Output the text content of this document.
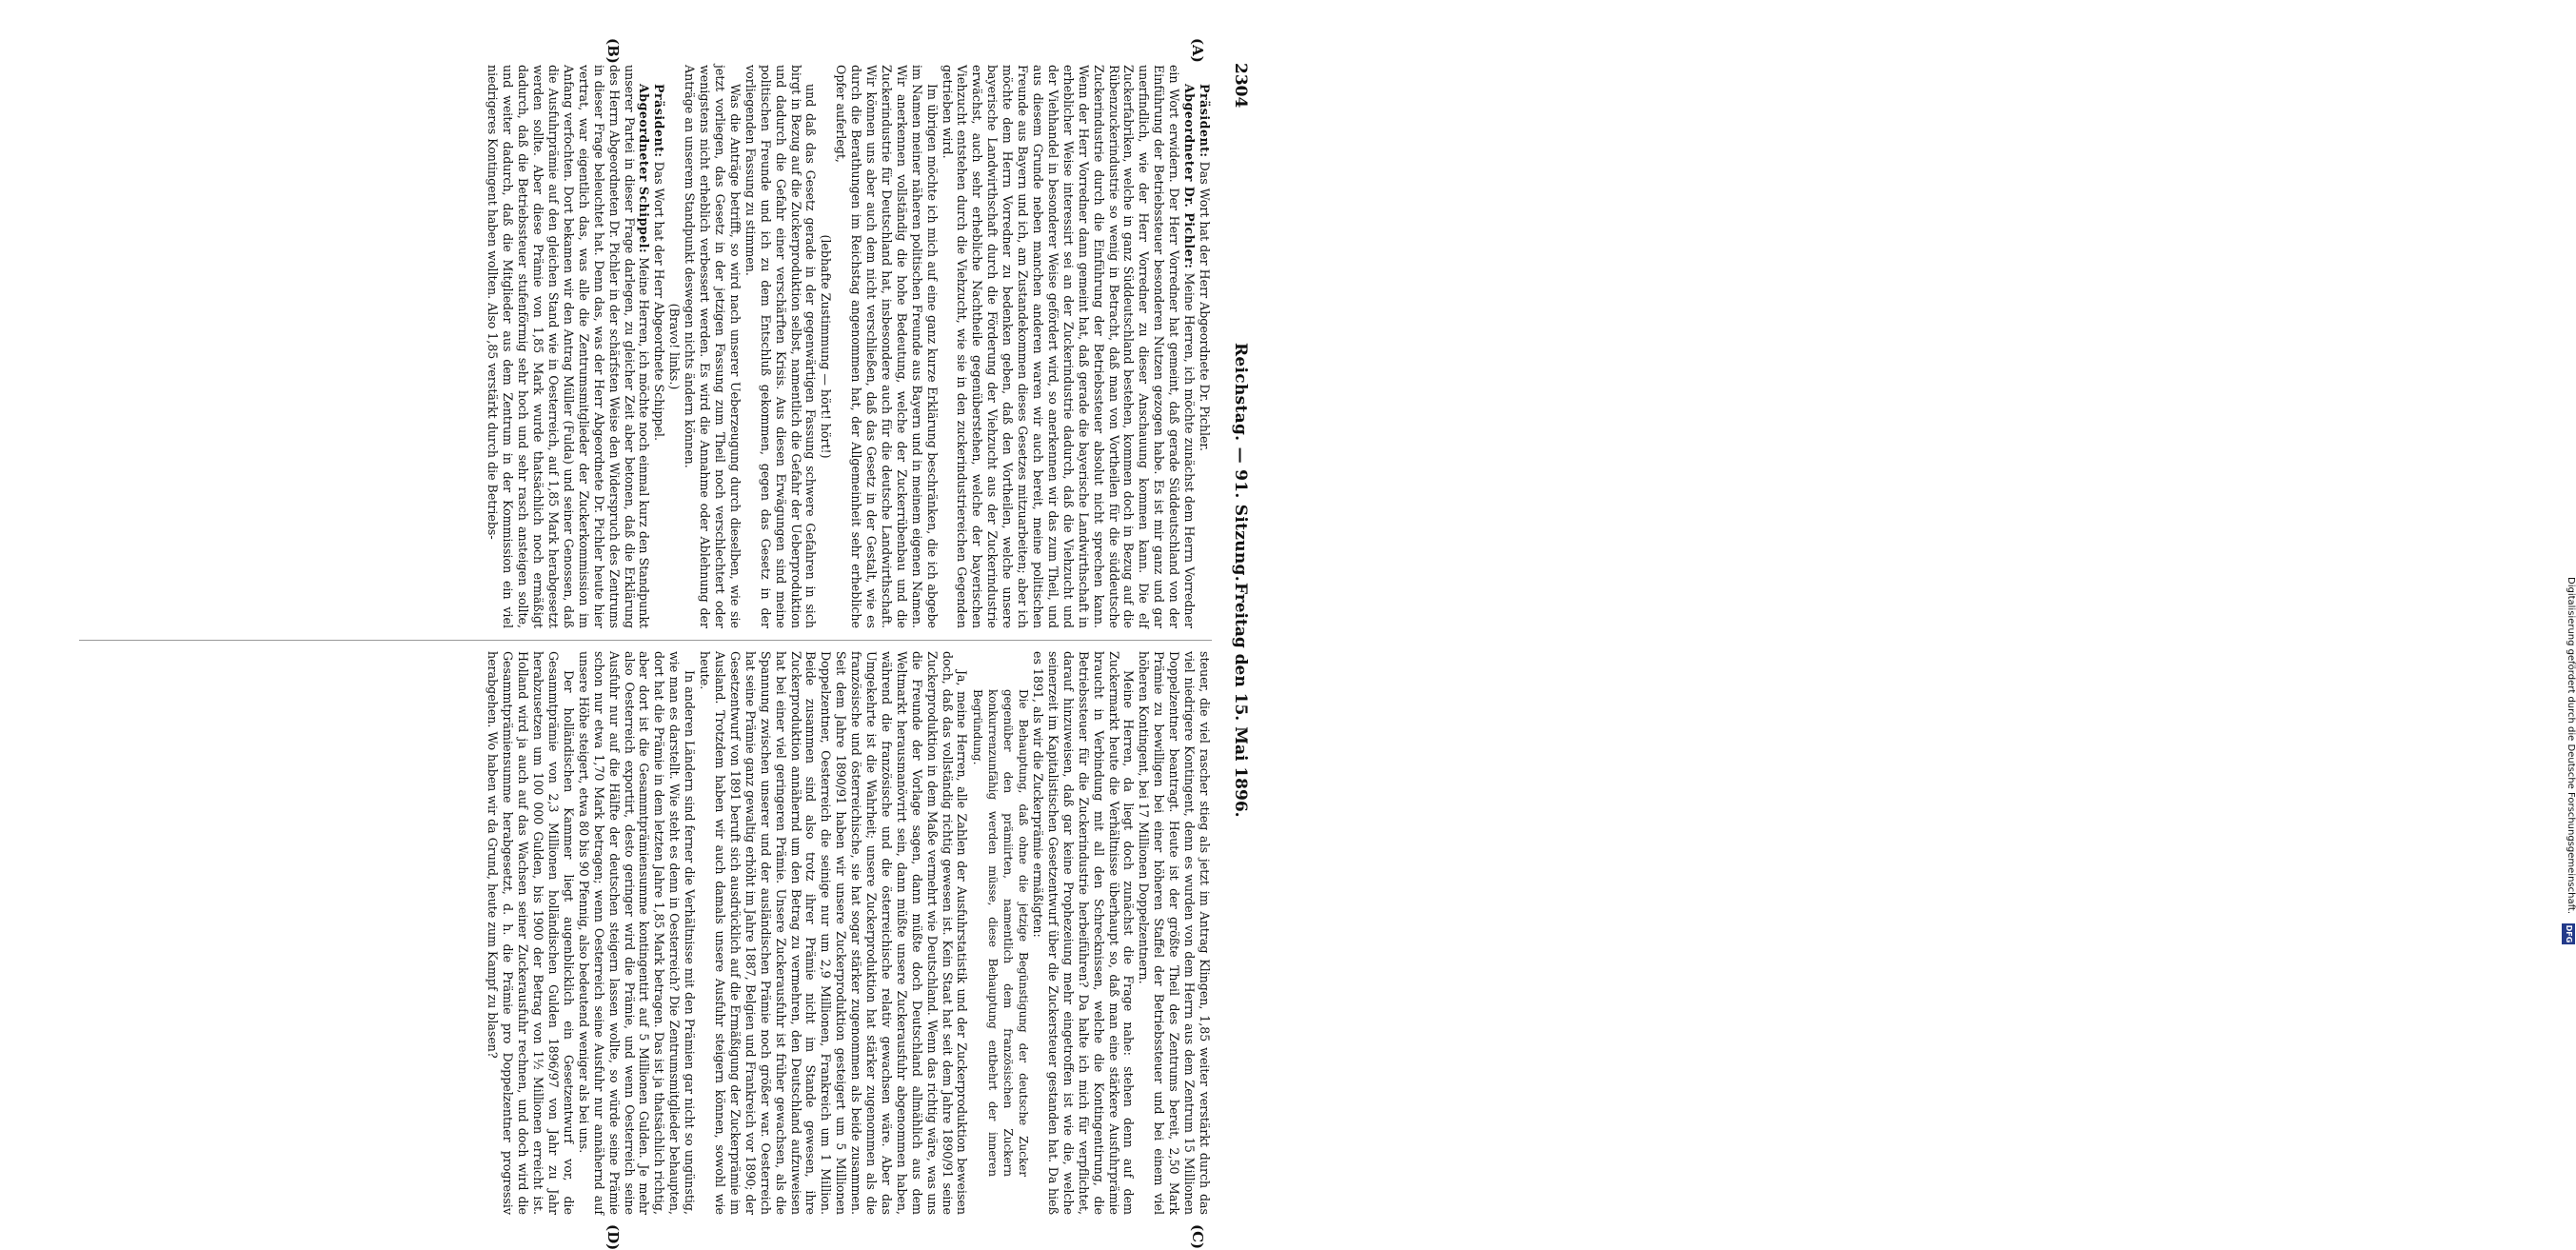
2304
Reichstag. — 91. Sitzung.
Freitag den 15. Mai 1896.

Präsident: Das Wort hat der Herr Abgeordnete Dr. Pichler.

Abgeordneter Dr. Pichler: Meine Herren, ich möchte zunächst dem Herrn Vorredner ein Wort erwidern. Der Herr Vorredner hat gemeint, daß gerade Süddeutschland von der Einführung der Betriebssteuer besonderen Nutzen gezogen habe. Es ist mir ganz und gar unerfindlich, wie der Herr Vorredner zu dieser Anschauung kommen kann. Die elf Zuckerfabriken, welche in ganz Süddeutschland bestehen, kommen doch in Bezug auf die Rübenzuckerindustrie so wenig in Betracht, daß man von Vortheilen für die süddeutsche Zuckerindustrie durch die Einführung der Betriebssteuer absolut nicht sprechen kann. Wenn der Herr Vorredner dann gemeint hat, daß gerade die bayerische Landwirthschaft in erheblicher Weise interessirt sei an der Zuckerindustrie dadurch, daß die Viehzucht und der Viehhandel in besonderer Weise gefördert wird, so anerkennen wir das zum Theil, und aus diesem Grunde neben manchen anderen waren wir auch bereit, meine politischen Freunde aus Bayern und ich, am Zustandekommen dieses Gesetzes mitzuarbeiten; aber ich möchte dem Herrn Vorredner zu bedenken geben, daß den Vortheilen, welche unsere bayerische Landwirthschaft durch die Förderung der Viehzucht aus der Zuckerindustrie erwächst, auch sehr erhebliche Nachtheile gegenüberstehen, welche der bayerischen Viehzucht entstehen durch die Viehzucht, wie sie in den zuckerindustriereichen Gegenden getrieben wird.

Im übrigen möchte ich mich auf eine ganz kurze Erklärung beschränken, die ich abgebe im Namen meiner näheren politischen Freunde aus Bayern und in meinem eigenen Namen. Wir anerkennen vollständig die hohe Bedeutung, welche der Zuckerrübenbau und die Zuckerindustrie für Deutschland hat, insbesondere auch für die deutsche Landwirthschaft. Wir können uns aber auch dem nicht verschließen, daß das Gesetz in der Gestalt, wie es durch die Berathungen im Reichstag angenommen hat, der Allgemeinheit sehr erhebliche Opfer auferlegt,

(lebhafte Zustimmung — hört! hört!)

und daß das Gesetz gerade in der gegenwärtigen Fassung schwere Gefahren in sich birgt in Bezug auf die Zuckerproduktion selbst, namentlich die Gefahr der Ueberproduktion und dadurch die Gefahr einer verschärften Krisis. Aus diesen Erwägungen sind meine politischen Freunde und ich zu dem Entschluß gekommen, gegen das Gesetz in der vorliegenden Fassung zu stimmen.

Was die Anträge betrifft, so wird nach unserer Ueberzeugung durch dieselben, wie sie jetzt vorliegen, das Gesetz in der jetzigen Fassung zum Theil noch verschlechtert oder wenigstens nicht erheblich verbessert werden. Es wird die Annahme oder Ablehnung der Anträge an unserem Standpunkt deswegen nichts ändern können.

(Bravo! links.)

Präsident: Das Wort hat der Herr Abgeordnete Schippel.

Abgeordneter Schippel: Meine Herren, ich möchte noch einmal kurz den Standpunkt unserer Partei in dieser Frage darlegen, zu gleicher Zeit aber betonen, daß die Erklärung des Herrn Abgeordneten Dr. Pichler in der schärfsten Weise den Widerspruch des Zentrums in dieser Frage beleuchtet hat. Denn das, was der Herr Abgeordnete Dr. Pichler heute hier vertrat, war eigentlich das, was alle die Zentrumsmitglieder der Zuckerkommission im Anfang verfochten. Dort bekamen wir den Antrag Müller (Fulda) und seiner Genossen, daß die Ausfuhrprämie auf den gleichen Stand wie in Oesterreich, auf 1,85 Mark herabgesetzt werden sollte. Aber diese Prämie von 1,85 Mark wurde thatsächlich noch ermäßigt dadurch, daß die Betriebssteuer stufenförmig sehr hoch und sehr rasch ansteigen sollte, und weiter dadurch, daß die Mitglieder aus dem Zentrum in der Kommission ein viel niedrigeres Kontingent haben wollten. Also 1,85 verstärkt durch die Betriebs-

steuer, die viel rascher stieg als jetzt im Antrag Klingen, 1,85 weiter verstärkt durch das viel niedrigere Kontingent, denn es wurden von dem Herrn aus dem Zentrum 15 Millionen Doppelzentner beantragt. Heute ist der größte Theil des Zentrums bereit, 2,50 Mark Prämie zu bewilligen bei einer höheren Staffel der Betriebssteuer und bei einem viel höheren Kontingent, bei 17 Millionen Doppelzentnern.

Meine Herren, da liegt doch zunächst die Frage nahe: stehen denn auf dem Zuckermarkt heute die Verhältnisse überhaupt so, daß man eine stärkere Ausfuhrprämie braucht in Verbindung mit all den Schrecknissen, welche die Kontingentirung, die Betriebssteuer für die Zuckerindustrie herbeiführen? Da halte ich mich für verpflichtet, darauf hinzuweisen, daß gar keine Prophezeiung mehr eingetroffen ist wie die, welche seinerzeit im Kapitalistischen Gesetzentwurf über die Zuckersteuer gestanden hat. Da hieß es 1891, als wir die Zuckerprämie ermäßigten:

Die Behauptung, daß ohne die jetzige Begünstigung der deutsche Zucker gegenüber den prämiirten, namentlich dem französischen Zuckern konkurrenzunfähig werden müsse, diese Behauptung entbehrt der inneren Begründung.

Ja, meine Herren, alle Zahlen der Ausfuhrstatistik und der Zuckerproduktion beweisen doch, daß das vollständig richtig gewesen ist. Kein Staat hat seit dem Jahre 1890/91 seine Zuckerproduktion in dem Maße vermehrt wie Deutschland. Wenn das richtig wäre, was uns die Freunde der Vorlage sagen, dann müßte doch Deutschland allmählich aus dem Weltmarkt herausmanövrirt sein, dann müßte unsere Zuckerausfuhr abgenommen haben, während die französische und die österreichische relativ gewachsen wäre. Aber das Umgekehrte ist die Wahrheit; unsere Zuckerproduktion hat stärker zugenommen als die französische und österreichische, sie hat sogar stärker zugenommen als beide zusammen. Seit dem Jahre 1890/91 haben wir unsere Zuckerproduktion gesteigert um 5 Millionen Doppelzentner, Oesterreich die seinige nur um 2,9 Millionen, Frankreich um 1 Million. Beide zusammen sind also trotz ihrer Prämie nicht im Stande gewesen, ihre Zuckerproduktion annähernd um den Betrag zu vermehren, den Deutschland aufzuweisen hat bei einer viel geringeren Prämie. Unsere Zuckerausfuhr ist früher gewachsen, als die Spannung zwischen unserer und der ausländischen Prämie noch größer war. Oesterreich hat seine Prämie ganz gewaltig erhöht im Jahre 1887, Belgien und Frankreich vor 1890; der Gesetzentwurf von 1891 beruft sich ausdrücklich auf die Ermäßigung der Zuckerprämie im Ausland. Trotzdem haben wir auch damals unsere Ausfuhr steigern können, sowohl wie heute.

In anderen Ländern sind ferner die Verhältnisse mit den Prämien gar nicht so ungünstig, wie man es darstellt. Wie steht es denn in Oesterreich? Die Zentrumsmitglieder behaupten, dort hat die Prämie in dem letzten Jahre 1,85 Mark betragen. Das ist ja thatsächlich richtig, aber dort ist die Gesammtprämiensumme kontingentirt auf 5 Millionen Gulden. Je mehr also Oesterreich exportirt, desto geringer wird die Prämie, und wenn Oesterreich seine Ausfuhr nur auf die Hälfte der deutschen steigern lassen wollte, so würde seine Prämie schon nur etwa 1,70 Mark betragen; wenn Oesterreich seine Ausfuhr nur annähernd auf unsere Höhe steigert, etwa 80 bis 90 Pfennig, also bedeutend weniger als bei uns.

Der holländischen Kammer liegt augenblicklich ein Gesetzentwurf vor, die Gesammtprämie von 2,3 Millionen holländischen Gulden 1896/97 von Jahr zu Jahr herabzusetzen um 100 000 Gulden, bis 1900 der Betrag von 1½ Millionen erreicht ist. Holland wird ja auch auf das Wachsen seiner Zuckerausfuhr rechnen, und doch wird die Gesammtprämiensumme herabgesetzt, d. h. die Prämie pro Doppelzentner progressiv herabgehen. Wo haben wir da Grund, heute zum Kampf zu blasen?

(A)
(B)
(C)
(D)
Digitalisierung gefördert durch die Deutsche Forschungsgemeinschaft.
DFG
